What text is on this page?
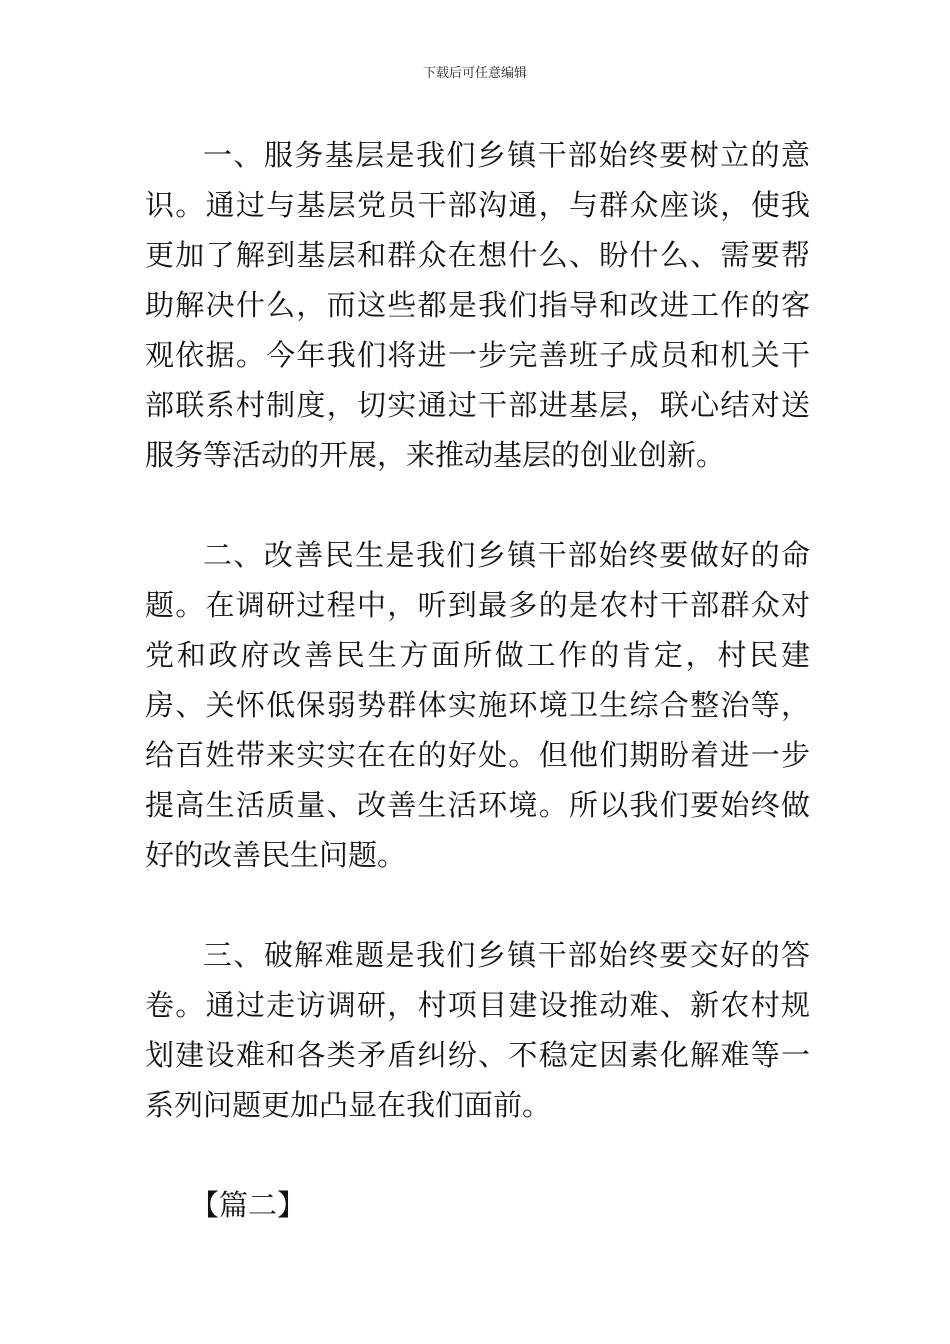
下载后可任意编辑

一、服务基层是我们乡镇干部始终要树立的意识。通过与基层党员干部沟通，与群众座谈，使我更加了解到基层和群众在想什么、盼什么、需要帮助解决什么，而这些都是我们指导和改进工作的客观依据。今年我们将进一步完善班子成员和机关干部联系村制度，切实通过干部进基层，联心结对送服务等活动的开展，来推动基层的创业创新。

二、改善民生是我们乡镇干部始终要做好的命题。在调研过程中，听到最多的是农村干部群众对党和政府改善民生方面所做工作的肯定，村民建房、关怀低保弱势群体实施环境卫生综合整治等，给百姓带来实实在在的好处。但他们期盼着进一步提高生活质量、改善生活环境。所以我们要始终做好的改善民生问题。

三、破解难题是我们乡镇干部始终要交好的答卷。通过走访调研，村项目建设推动难、新农村规划建设难和各类矛盾纠纷、不稳定因素化解难等一系列问题更加凸显在我们面前。

【篇二】
